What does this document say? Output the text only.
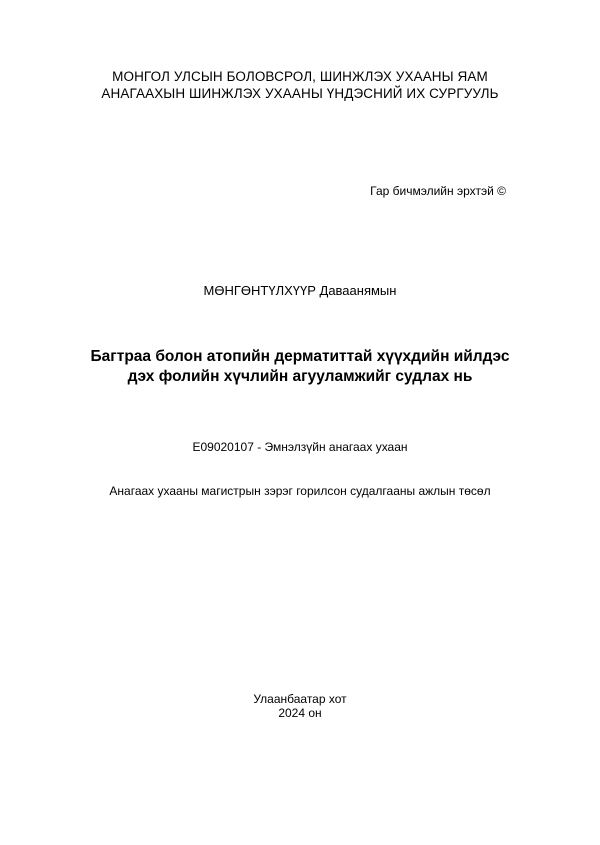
МОНГОЛ УЛСЫН БОЛОВСРОЛ, ШИНЖЛЭХ УХААНЫ ЯАМ
АНАГААХЫН ШИНЖЛЭХ УХААНЫ ҮНДЭСНИЙ ИХ СУРГУУЛЬ
Гар бичмэлийн эрхтэй ©
МӨНГӨНТҮЛХҮҮР Даваанямын
Багтраа болон атопийн дерматиттай хүүхдийн ийлдэс
дэх фолийн хүчлийн агууламжийг судлах нь
E09020107 - Эмнэлзүйн анагаах ухаан
Анагаах ухааны магистрын зэрэг горилсон судалгааны ажлын төсөл
Улаанбаатар хот
2024 он
